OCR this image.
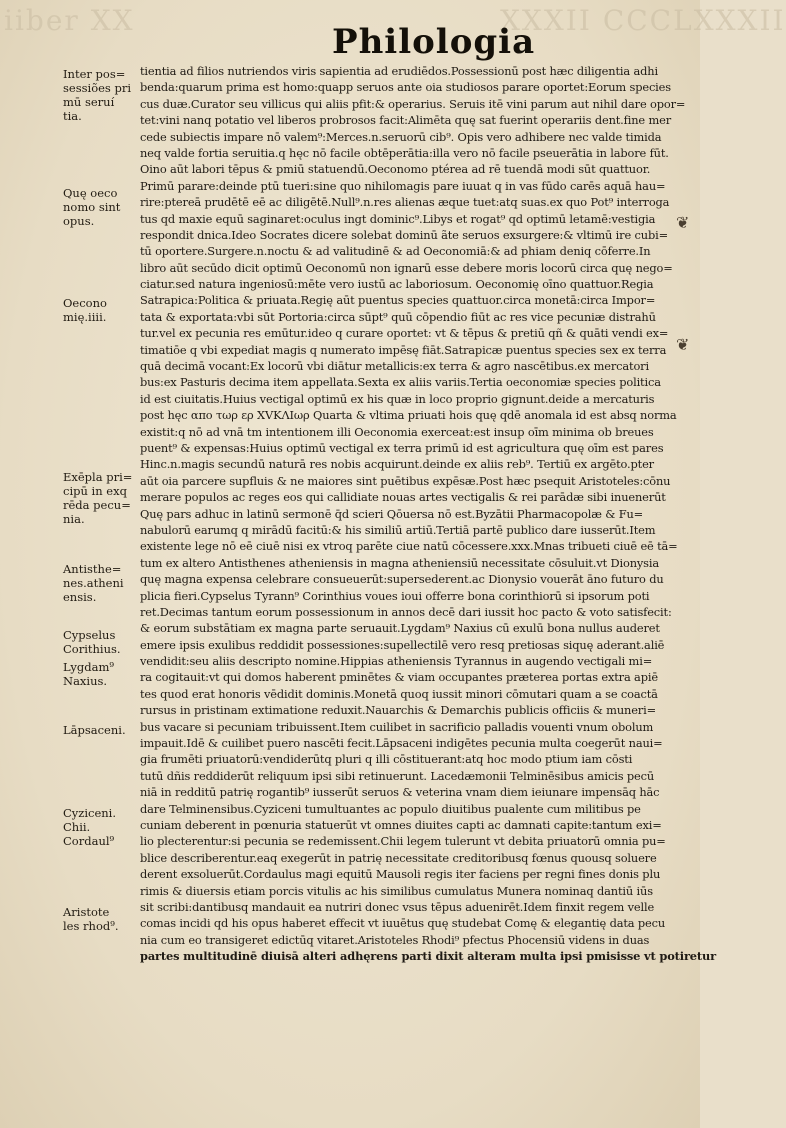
iiber XX	XXXII CCCLXXXII
Philologia
Inter pos=
sessiões pri
mū seruí
tia.
Quę oeco
nomo sint
opus.
Oecono
mię.iiii.
Exēpla pri=
cipū in exq
rēda pecu=
nia.
Antisthe=
nes.atheni
ensis.
Cypselus
Corithius.
Lygdam⁹
Naxius.
Lāpsaceni.
Cyziceni.
Chii.
Cordaul⁹
Aristote
les rhod⁹.
tientia ad filios nutriendos viris sapientia ad erudiēdos.Possessionū post hæc diligentia adhi
benda:quarum prima est homo:quapp seruos ante oia studiosos parare oportet:Eorum species
cus duæ.Curator seu villicus qui aliis pfit:& operarius. Seruis itē vini parum aut nihil dare opor=
tet:vini nanq potatio vel liberos probrosos facit:Alimēta quę sat fuerint operariis dent.fine mer
cede subiectis impare nō valem⁹:Merces.n.seruorū cib⁹. Opis vero adhibere nec valde timida
neq valde fortia seruitia.q hęc nō facile obtēperātia:illa vero nō facile pseuerātia in labore fūt.
Oino aūt labori tēpus & pmiū statuendū.Oeconomo ptérea ad rē tuendā modi sūt quattuor.
Primū parare:deinde ptū tueri:sine quo nihilomagis pare iuuat q in vas fūdo carēs aquā hau=
rire:ptereā prudētē eē ac diligētē.Null⁹.n.res alienas æque tuet:atq suas.ex quo Pot⁹ interroga
tus qd maxie equū saginaret:oculus ingt dominic⁹.Libys et rogat⁹ qd optimū letamē:vestigia
respondit dnica.Ideo Socrates dicere solebat dominū ãte seruos exsurgere:& vltimū ire cubi=
tū oportere.Surgere.n.noctu & ad valitudinē & ad Oeconomiā:& ad phiam deniq cōferre.In
libro aūt secūdo dicit optimū Oeconomū non ignarū esse debere moris locorū circa quę nego=
ciatur.sed natura ingeniosū:mēte vero iustū ac laboriosum. Oeconomię oīno quattuor.Regia
Satrapica:Politica & priuata.Regię aūt puentus species quattuor.circa monetā:circa Impor=
tata & exportata:vbi sūt Portoria:circa sūpt⁹ quū cōpendio fiūt ac res vice pecuniæ distrahū
tur.vel ex pecunia res emūtur.ideo q curare oportet: vt & tēpus & pretiū qñ & quāti vendi ex=
timatiōe q vbi expediat magis q numerato impēsę fiāt.Satrapicæ puentus species sex ex terra
quā decimā vocant:Ex locorū vbi diātur metallicis:ex terra & agro nascētibus.ex mercatori
bus:ex Pasturis decima item appellata.Sexta ex aliis variis.Tertia oeconomiæ species politica
id est ciuitatis.Huius vectigal optimū ex his quæ in loco proprio gignunt.deide a mercaturis
post hęc απο τωρ ερ ΧVΚΛΙωρ Quarta & vltima priuati hois quę qdē anomala id est absq norma
existit:q nō ad vnā tm intentionem illi Oeconomia exerceat:est insup oīm minima ob breues
puent⁹ & expensas:Huius optimū vectigal ex terra primū id est agricultura quę oīm est pares
Hinc.n.magis secundū naturā res nobis acquirunt.deinde ex aliis reb⁹. Tertiū ex argēto.pter
aūt oia parcere supfluis & ne maiores sint puētibus expēsæ.Post hæc psequit Aristoteles:cōnu
merare populos ac reges eos qui callidiate nouas artes vectigalis & rei parādæ sibi inuenerūt
Quę pars adhuc in latinū sermonē q̄d scieri Qōuersa nō est.Byzātii Pharmacopolæ & Fu=
nabulorū earumq q mirādū facitū:& his similiū artiū.Tertiā partē publico dare iusserūt.Item
existente lege nō eē ciuē nisi ex vtroq parēte ciue natū cōcessere.xxx.Mnas tribueti ciuē eē tā=
tum ex altero Antisthenes atheniensis in magna atheniensiū necessitate cōsuluit.vt Dionysia
quę magna expensa celebrare consueuerūt:supersederent.ac Dionysio vouerāt āno futuro du
plicia fieri.Cypselus Tyrann⁹ Corinthius voues ioui offerre bona corinthiorū si ipsorum poti
ret.Decimas tantum eorum possessionum in annos decē dari iussit hoc pacto & voto satisfecit:
& eorum substātiam ex magna parte seruauit.Lygdam⁹ Naxius cū exulū bona nullus auderet
emere ipsis exulibus reddidit possessiones:supellectilē vero resq pretiosas siquę aderant.aliē
vendidit:seu aliis descripto nomine.Hippias atheniensis Tyrannus in augendo vectigali mi=
ra cogitauit:vt qui domos haberent pminētes & viam occupantes præterea portas extra apiē
tes quod erat honoris vēdidit dominis.Monetā quoq iussit minori cōmutari quam a se coactā
rursus in pristinam extimatione reduxit.Nauarchis & Demarchis publicis officiis & muneri=
bus vacare si pecuniam tribuissent.Item cuilibet in sacrificio palladis vouenti vnum obolum
impauit.Idē & cuilibet puero nascēti fecit.Lāpsaceni indigētes pecunia multa coegerūt naui=
gia frumēti priuatorū:vendiderūtq pluri q illi cōstituerant:atq hoc modo ptium iam cōsti
tutū dñis reddiderūt reliquum ipsi sibi retinuerunt. Lacedæmonii Telminēsibus amicis pecū
niā in redditū patrię rogantib⁹ iusserūt seruos & veterina vnam diem ieiunare impensāq hāc
dare Telminensibus.Cyziceni tumultuantes ac populo diuitibus pualente cum militibus pe
cuniam deberent in pœnuria statuerūt vt omnes diuites capti ac damnati capite:tantum exi=
lio plecterentur:si pecunia se redemissent.Chii legem tulerunt vt debita priuatorū omnia pu=
blice describerentur.eaq exegerūt in patrię necessitate creditoribusq fœnus quousq soluere
derent exsoluerūt.Cordaulus magi equitū Mausoli regis iter faciens per regni fines donis plu
rimis & diuersis etiam porcis vitulis ac his similibus cumulatus Munera nominaq dantiū iūs
sit scribi:dantibusq mandauit ea nutriri donec vsus tēpus aduenirēt.Idem finxit regem velle
comas incidi qd his opus haberet effecit vt iuuētus quę studebat Comę & elegantię data pecu
nia cum eo transigeret edictūq vitaret.Aristoteles Rhodi⁹ pfectus Phocensiū videns in duas
partes multitudinē diuisā alteri adhęrens parti dixit alteram multa ipsi pmisisse vt potiretur
❦
❦
